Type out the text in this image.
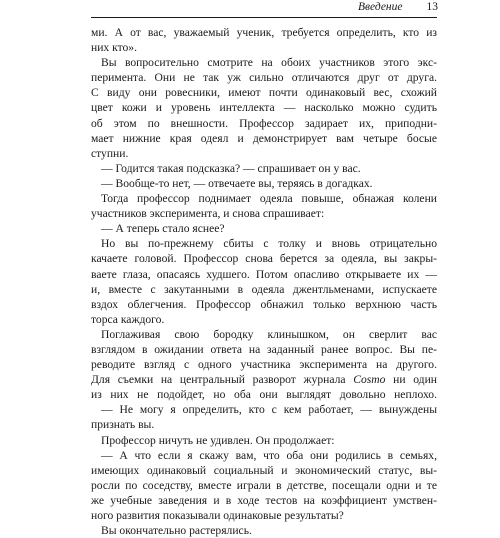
Введение 13
ми. А от вас, уважаемый ученик, требуется определить, кто из
них кто».
Вы вопросительно смотрите на обоих участников этого экс-
перимента. Они не так уж сильно отличаются друг от друга.
С виду они ровесники, имеют почти одинаковый вес, схожий
цвет кожи и уровень интеллекта — насколько можно судить
об этом по внешности. Профессор задирает их, приподни-
мает нижние края одеял и демонстрирует вам четыре босые
ступни.
— Годится такая подсказка? — спрашивает он у вас.
— Вообще-то нет, — отвечаете вы, теряясь в догадках.
Тогда профессор поднимает одеяла повыше, обнажая колени
участников эксперимента, и снова спрашивает:
— А теперь стало яснее?
Но вы по-прежнему сбиты с толку и вновь отрицательно
качаете головой. Профессор снова берется за одеяла, вы закры-
ваете глаза, опасаясь худшего. Потом опасливо открываете их —
и, вместе с закутанными в одеяла джентльменами, испускаете
вздох облегчения. Профессор обнажил только верхнюю часть
торса каждого.
Поглаживая свою бородку клинышком, он сверлит вас
взглядом в ожидании ответа на заданный ранее вопрос. Вы пе-
реводите взгляд с одного участника эксперимента на другого.
Для съемки на центральный разворот журнала Cosmo ни один
из них не подойдет, но оба они выглядят довольно неплохо.
— Не могу я определить, кто с кем работает, — вынуждены
признать вы.
Профессор ничуть не удивлен. Он продолжает:
— А что если я скажу вам, что оба они родились в семьях,
имеющих одинаковый социальный и экономический статус, вы-
росли по соседству, вместе играли в детстве, посещали одни и те
же учебные заведения и в ходе тестов на коэффициент умствен-
ного развития показывали одинаковые результаты?
Вы окончательно растерялись.
